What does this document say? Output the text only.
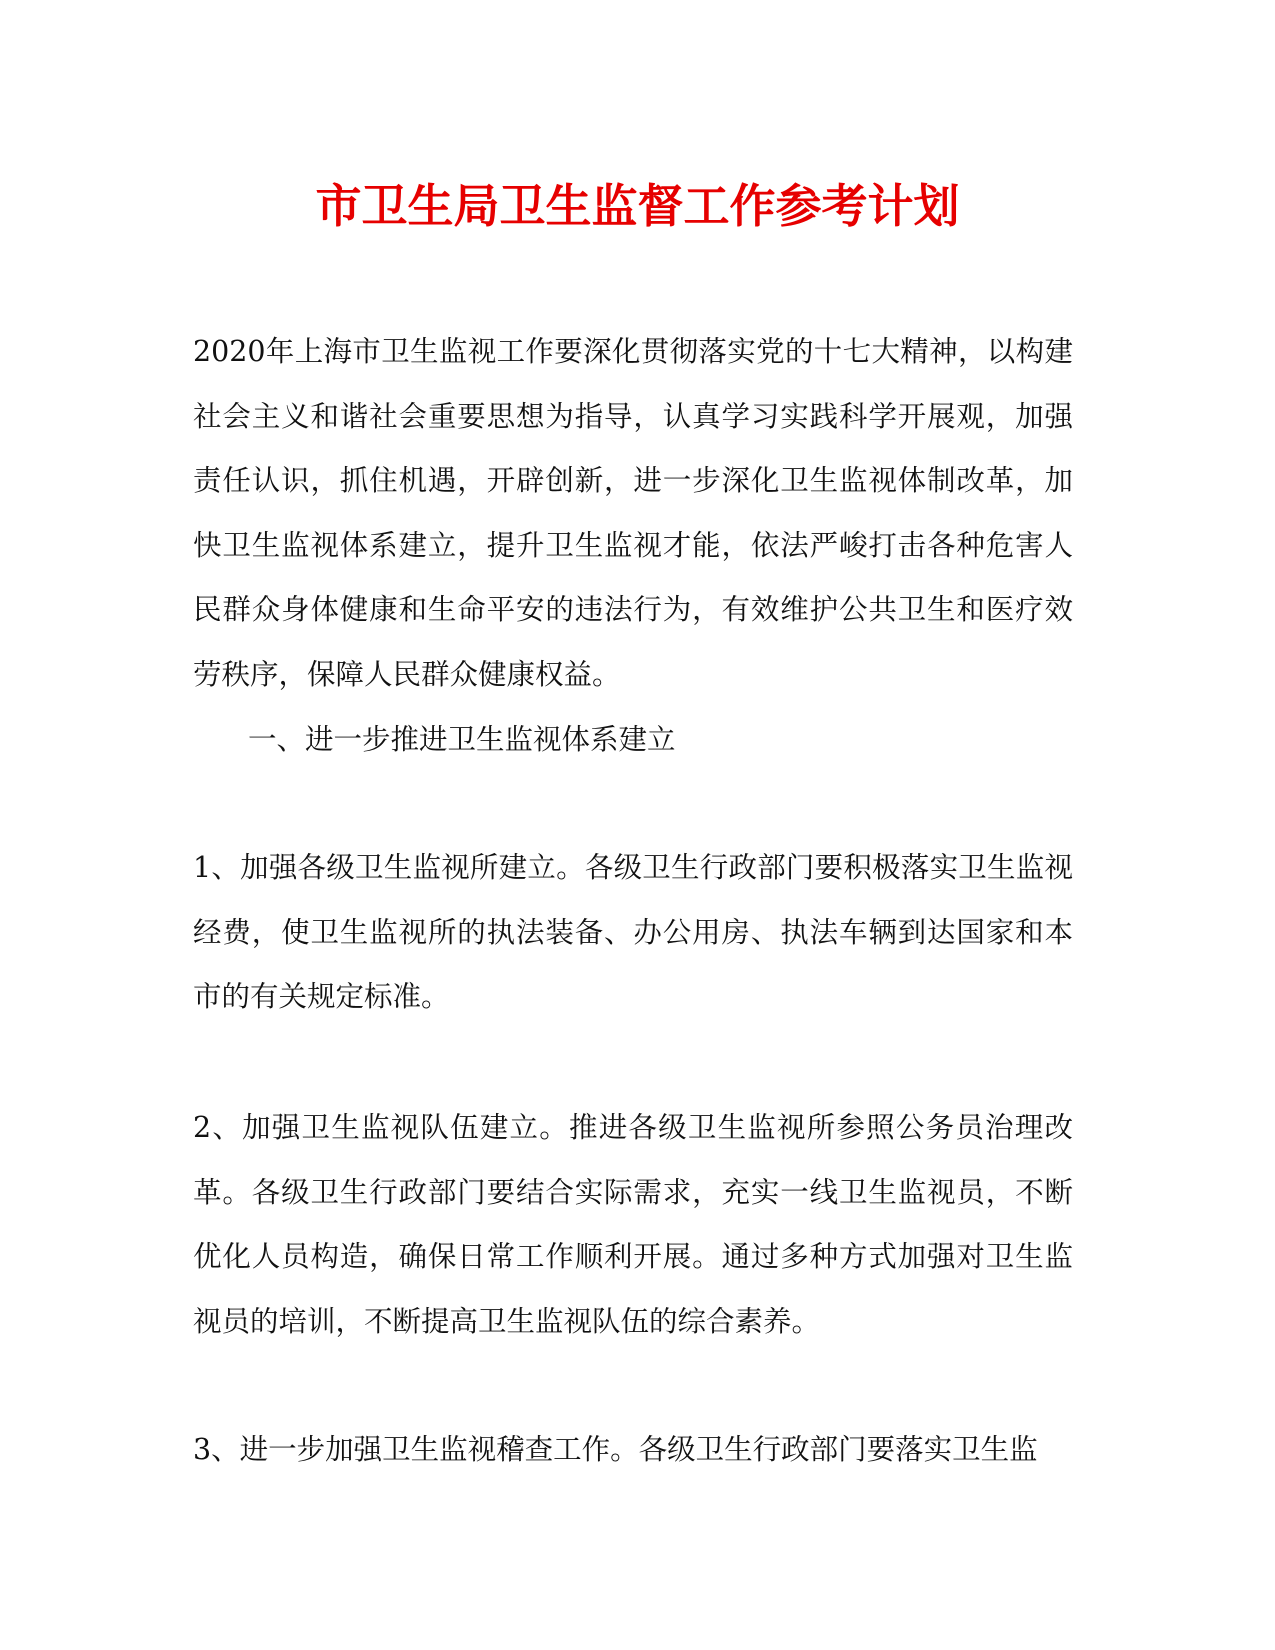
市卫生局卫生监督工作参考计划

2020年上海市卫生监视工作要深化贯彻落实党的十七大精神，以构建社会主义和谐社会重要思想为指导，认真学习实践科学开展观，加强责任认识，抓住机遇，开辟创新，进一步深化卫生监视体制改革，加快卫生监视体系建立，提升卫生监视才能，依法严峻打击各种危害人民群众身体健康和生命平安的违法行为，有效维护公共卫生和医疗效劳秩序，保障人民群众健康权益。

一、进一步推进卫生监视体系建立

1、加强各级卫生监视所建立。各级卫生行政部门要积极落实卫生监视经费，使卫生监视所的执法装备、办公用房、执法车辆到达国家和本市的有关规定标准。

2、加强卫生监视队伍建立。推进各级卫生监视所参照公务员治理改革。各级卫生行政部门要结合实际需求，充实一线卫生监视员，不断优化人员构造，确保日常工作顺利开展。通过多种方式加强对卫生监视员的培训，不断提高卫生监视队伍的综合素养。

3、进一步加强卫生监视稽查工作。各级卫生行政部门要落实卫生监
